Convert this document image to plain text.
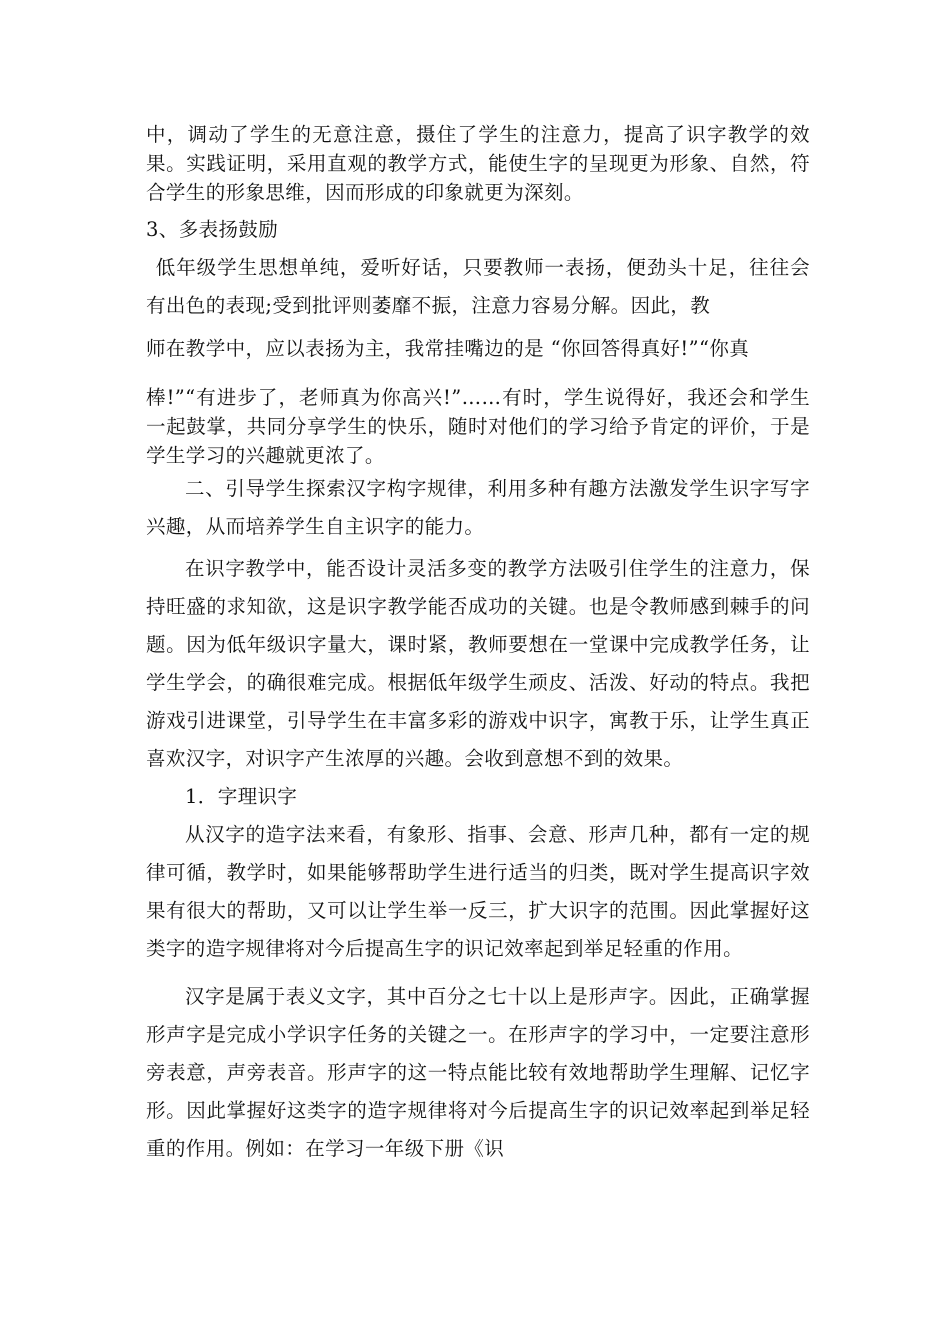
中，调动了学生的无意注意，摄住了学生的注意力，提高了识字教学的效果。实践证明，采用直观的教学方式，能使生字的呈现更为形象、自然，符合学生的形象思维，因而形成的印象就更为深刻。

3、多表扬鼓励

低年级学生思想单纯，爱听好话，只要教师一表扬，便劲头十足，往往会有出色的表现;受到批评则萎靡不振，注意力容易分解。因此，教

师在教学中，应以表扬为主，我常挂嘴边的是 “你回答得真好!”“你真

棒!”“有进步了，老师真为你高兴!”……有时，学生说得好，我还会和学生一起鼓掌，共同分享学生的快乐，随时对他们的学习给予肯定的评价，于是学生学习的兴趣就更浓了。

二、引导学生探索汉字构字规律，利用多种有趣方法激发学生识字写字兴趣，从而培养学生自主识字的能力。

在识字教学中，能否设计灵活多变的教学方法吸引住学生的注意力，保持旺盛的求知欲，这是识字教学能否成功的关键。也是令教师感到棘手的问题。因为低年级识字量大，课时紧，教师要想在一堂课中完成教学任务，让学生学会，的确很难完成。根据低年级学生顽皮、活泼、好动的特点。我把游戏引进课堂，引导学生在丰富多彩的游戏中识字，寓教于乐，让学生真正喜欢汉字，对识字产生浓厚的兴趣。会收到意想不到的效果。

1．字理识字

从汉字的造字法来看，有象形、指事、会意、形声几种，都有一定的规律可循，教学时，如果能够帮助学生进行适当的归类，既对学生提高识字效果有很大的帮助，又可以让学生举一反三，扩大识字的范围。因此掌握好这类字的造字规律将对今后提高生字的识记效率起到举足轻重的作用。

汉字是属于表义文字，其中百分之七十以上是形声字。因此，正确掌握形声字是完成小学识字任务的关键之一。在形声字的学习中，一定要注意形旁表意，声旁表音。形声字的这一特点能比较有效地帮助学生理解、记忆字形。因此掌握好这类字的造字规律将对今后提高生字的识记效率起到举足轻重的作用。例如：在学习一年级下册《识
